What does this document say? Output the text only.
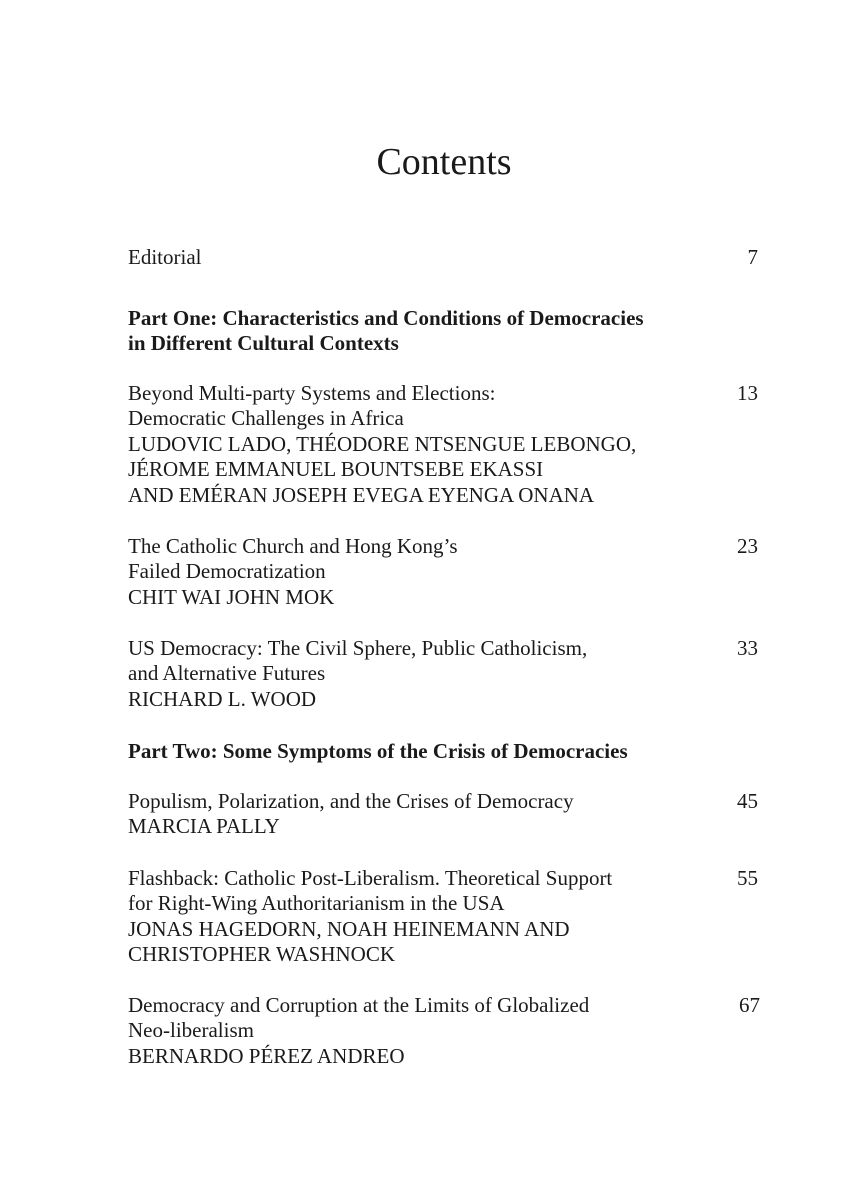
Contents
Editorial	7
Part One: Characteristics and Conditions of Democracies
in Different Cultural Contexts
Beyond Multi-party Systems and Elections:
Democratic Challenges in Africa
LUDOVIC LADO, THÉODORE NTSENGUE LEBONGO,
JÉROME EMMANUEL BOUNTSEBE EKASSI
AND EMÉRAN JOSEPH EVEGA EYENGA ONANA
13
The Catholic Church and Hong Kong’s
Failed Democratization
CHIT WAI JOHN MOK
23
US Democracy: The Civil Sphere, Public Catholicism,
and Alternative Futures
RICHARD L. WOOD
33
Part Two: Some Symptoms of the Crisis of Democracies
Populism, Polarization, and the Crises of Democracy
MARCIA PALLY
45
Flashback: Catholic Post-Liberalism. Theoretical Support
for Right-Wing Authoritarianism in the USA
JONAS HAGEDORN, NOAH HEINEMANN AND
CHRISTOPHER WASHNOCK
55
Democracy and Corruption at the Limits of Globalized
Neo-liberalism
BERNARDO PÉREZ ANDREO
67
